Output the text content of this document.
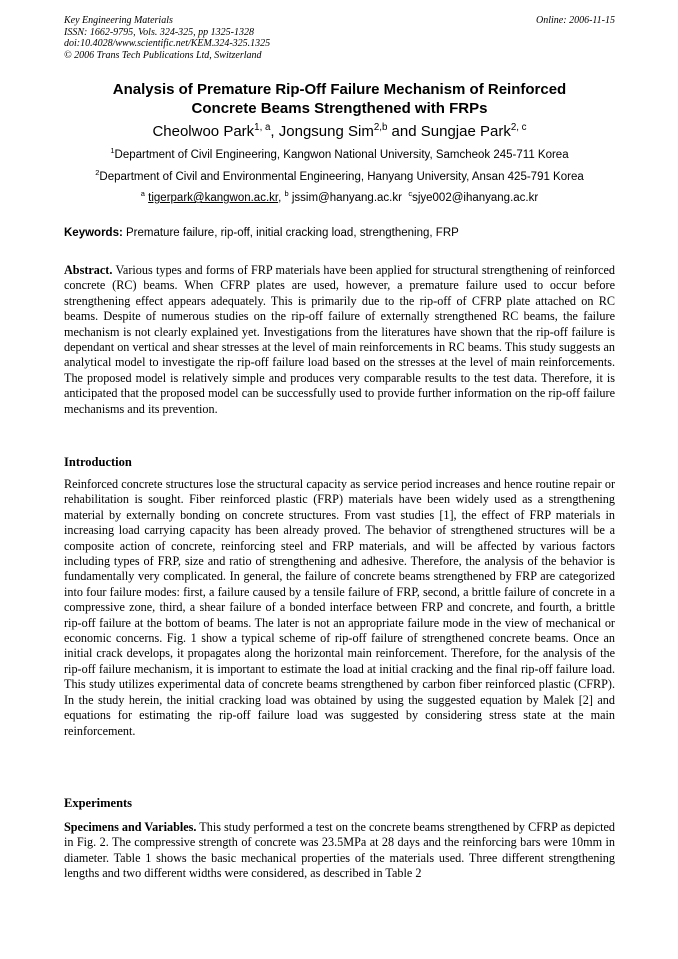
Key Engineering Materials
ISSN: 1662-9795, Vols. 324-325, pp 1325-1328
doi:10.4028/www.scientific.net/KEM.324-325.1325
© 2006 Trans Tech Publications Ltd, Switzerland
Online: 2006-11-15
Analysis of Premature Rip-Off Failure Mechanism of Reinforced
Concrete Beams Strengthened with FRPs
Cheolwoo Park$^{1, a}$, Jongsung Sim$^{2,b}$ and Sungjae Park$^{2, c}$
$^1$Department of Civil Engineering, Kangwon National University, Samcheok 245-711 Korea
$^2$Department of Civil and Environmental Engineering, Hanyang University, Ansan 425-791 Korea
$^a$ tigerpark@kangwon.ac.kr, $^b$ jssim@hanyang.ac.kr $^c$sjye002@ihanyang.ac.kr
Keywords: Premature failure, rip-off, initial cracking load, strengthening, FRP
Abstract. Various types and forms of FRP materials have been applied for structural strengthening of reinforced concrete (RC) beams. When CFRP plates are used, however, a premature failure used to occur before strengthening effect appears adequately. This is primarily due to the rip-off of CFRP plate attached on RC beams. Despite of numerous studies on the rip-off failure of externally strengthened RC beams, the failure mechanism is not clearly explained yet. Investigations from the literatures have shown that the rip-off failure is dependant on vertical and shear stresses at the level of main reinforcements in RC beams. This study suggests an analytical model to investigate the rip-off failure load based on the stresses at the level of main reinforcements. The proposed model is relatively simple and produces very comparable results to the test data. Therefore, it is anticipated that the proposed model can be successfully used to provide further information on the rip-off failure mechanisms and its prevention.
Introduction
Reinforced concrete structures lose the structural capacity as service period increases and hence routine repair or rehabilitation is sought. Fiber reinforced plastic (FRP) materials have been widely used as a strengthening material by externally bonding on concrete structures. From vast studies [1], the effect of FRP materials in increasing load carrying capacity has been already proved. The behavior of strengthened structures will be a composite action of concrete, reinforcing steel and FRP materials, and will be affected by various factors including types of FRP, size and ratio of strengthening and adhesive. Therefore, the analysis of the behavior is fundamentally very complicated. In general, the failure of concrete beams strengthened by FRP are categorized into four failure modes: first, a failure caused by a tensile failure of FRP, second, a brittle failure of concrete in a compressive zone, third, a shear failure of a bonded interface between FRP and concrete, and fourth, a brittle rip-off failure at the bottom of beams. The later is not an appropriate failure mode in the view of mechanical or economic concerns. Fig. 1 show a typical scheme of rip-off failure of strengthened concrete beams. Once an initial crack develops, it propagates along the horizontal main reinforcement. Therefore, for the analysis of the rip-off failure mechanism, it is important to estimate the load at initial cracking and the final rip-off failure load. This study utilizes experimental data of concrete beams strengthened by carbon fiber reinforced plastic (CFRP). In the study herein, the initial cracking load was obtained by using the suggested equation by Malek [2] and equations for estimating the rip-off failure load was suggested by considering stress state at the main reinforcement.
Experiments
Specimens and Variables. This study performed a test on the concrete beams strengthened by CFRP as depicted in Fig. 2. The compressive strength of concrete was 23.5MPa at 28 days and the reinforcing bars were 10mm in diameter. Table 1 shows the basic mechanical properties of the materials used. Three different strengthening lengths and two different widths were considered, as described in Table 2
